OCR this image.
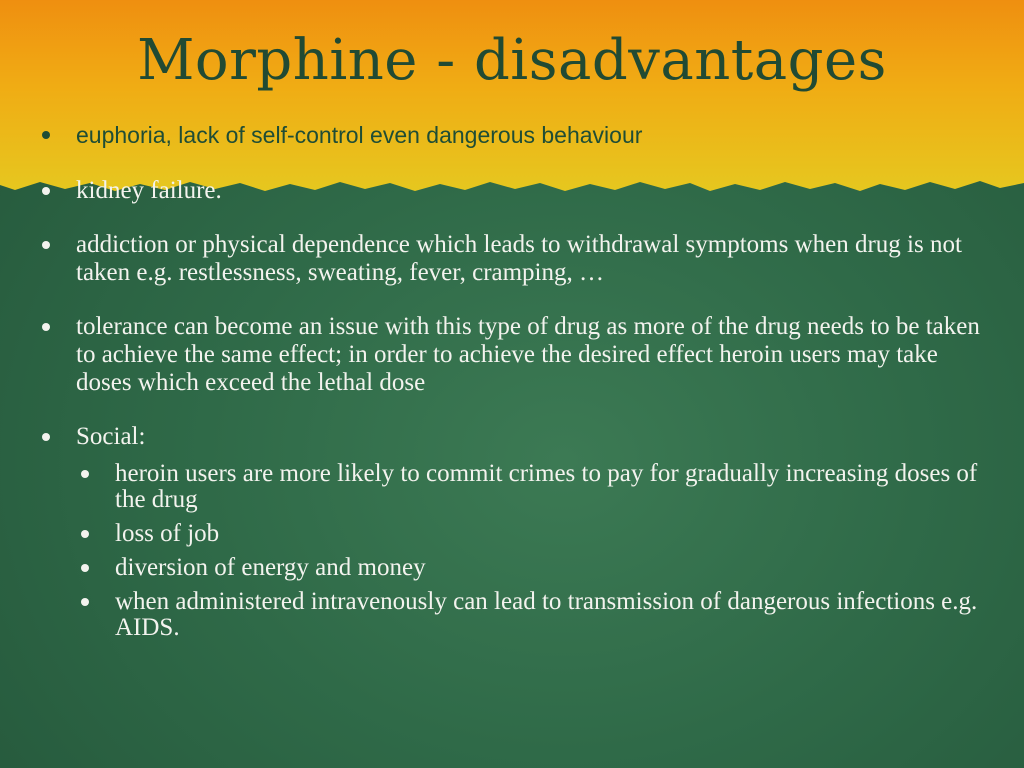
Morphine - disadvantages
euphoria, lack of self-control even dangerous behaviour
kidney failure.
addiction or physical dependence which leads to withdrawal symptoms when drug is not taken e.g. restlessness, sweating, fever, cramping, …
tolerance can become an issue with this type of drug as more of the drug needs to be taken to achieve the same effect; in order to achieve the desired effect heroin users may take doses which exceed the lethal dose
Social:
heroin users are more likely to commit crimes to pay for gradually increasing doses of the drug
loss of job
diversion of energy and money
when administered intravenously can lead to transmission of dangerous infections e.g. AIDS.
